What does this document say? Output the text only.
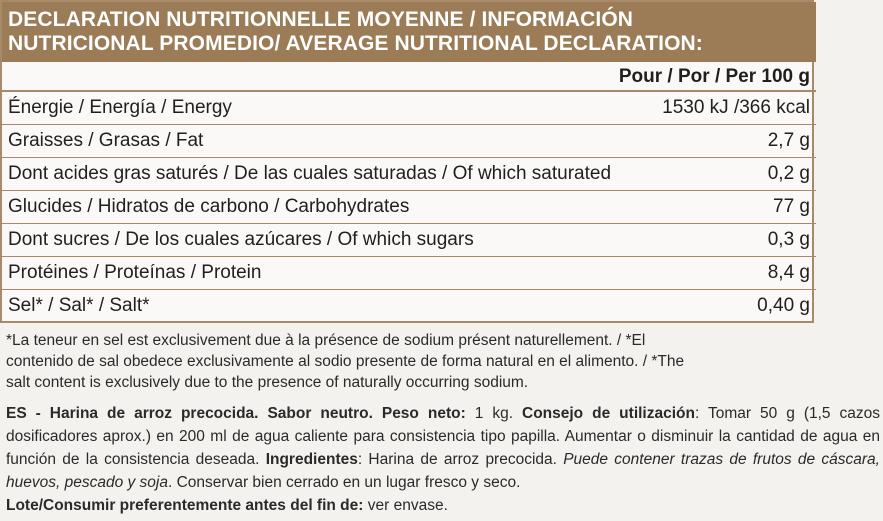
DECLARATION NUTRITIONNELLE MOYENNE / INFORMACIÓN
NUTRICIONAL PROMEDIO/ AVERAGE NUTRITIONAL DECLARATION:
Pour / Por / Per 100 g
Énergie / Energía / Energy	1530 kJ /366 kcal
Graisses / Grasas / Fat	2,7 g
Dont acides gras saturés / De las cuales saturadas / Of which saturated	0,2 g
Glucides / Hidratos de carbono / Carbohydrates	77 g
Dont sucres / De los cuales azúcares / Of which sugars	0,3 g
Protéines / Proteínas / Protein	8,4 g
Sel* / Sal* / Salt*	0,40 g
*La teneur en sel est exclusivement due à la présence de sodium présent naturellement. / *El
contenido de sal obedece exclusivamente al sodio presente de forma natural en el alimento. / *The
salt content is exclusively due to the presence of naturally occurring sodium.
ES - Harina de arroz precocida. Sabor neutro. Peso neto: 1 kg. Consejo de utilización: Tomar 50 g (1,5 cazos dosificadores aprox.) en 200 ml de agua caliente para consistencia tipo papilla. Aumentar o disminuir la cantidad de agua en función de la consistencia deseada. Ingredientes: Harina de arroz precocida. Puede contener trazas de frutos de cáscara, huevos, pescado y soja. Conservar bien cerrado en un lugar fresco y seco.
Lote/Consumir preferentemente antes del fin de: ver envase.
